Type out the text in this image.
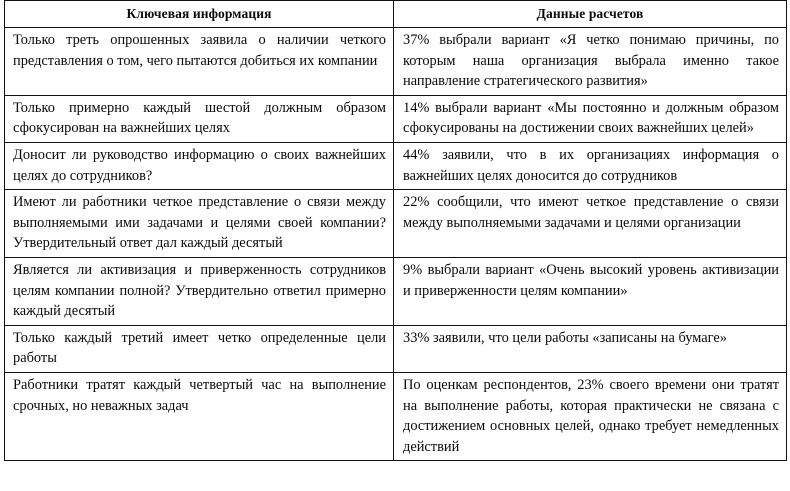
Ключевая информация	Данные расчетов
Только треть опрошенных заявила о наличии четкого представления о том, чего пытаются добиться их компании	37% выбрали вариант «Я четко понимаю причины, по которым наша организация выбрала именно такое направление стратегического развития»
Только примерно каждый шестой должным образом сфокусирован на важнейших целях	14% выбрали вариант «Мы постоянно и должным образом сфокусированы на достижении своих важнейших целей»
Доносит ли руководство информацию о своих важнейших целях до сотрудников?	44% заявили, что в их организациях информация о важнейших целях доносится до сотрудников
Имеют ли работники четкое представление о связи между выполняемыми ими задачами и целями своей компании? Утвердительный ответ дал каждый десятый	22% сообщили, что имеют четкое представление о связи между выполняемыми задачами и целями организации
Является ли активизация и приверженность сотрудников целям компании полной? Утвердительно ответил примерно каждый десятый	9% выбрали вариант «Очень высокий уровень активизации и приверженности целям компании»
Только каждый третий имеет четко определенные цели работы	33% заявили, что цели работы «записаны на бумаге»
Работники тратят каждый четвертый час на выполнение срочных, но неважных задач	По оценкам респондентов, 23% своего времени они тратят на выполнение работы, которая практически не связана с достижением основных целей, однако требует немедленных действий
